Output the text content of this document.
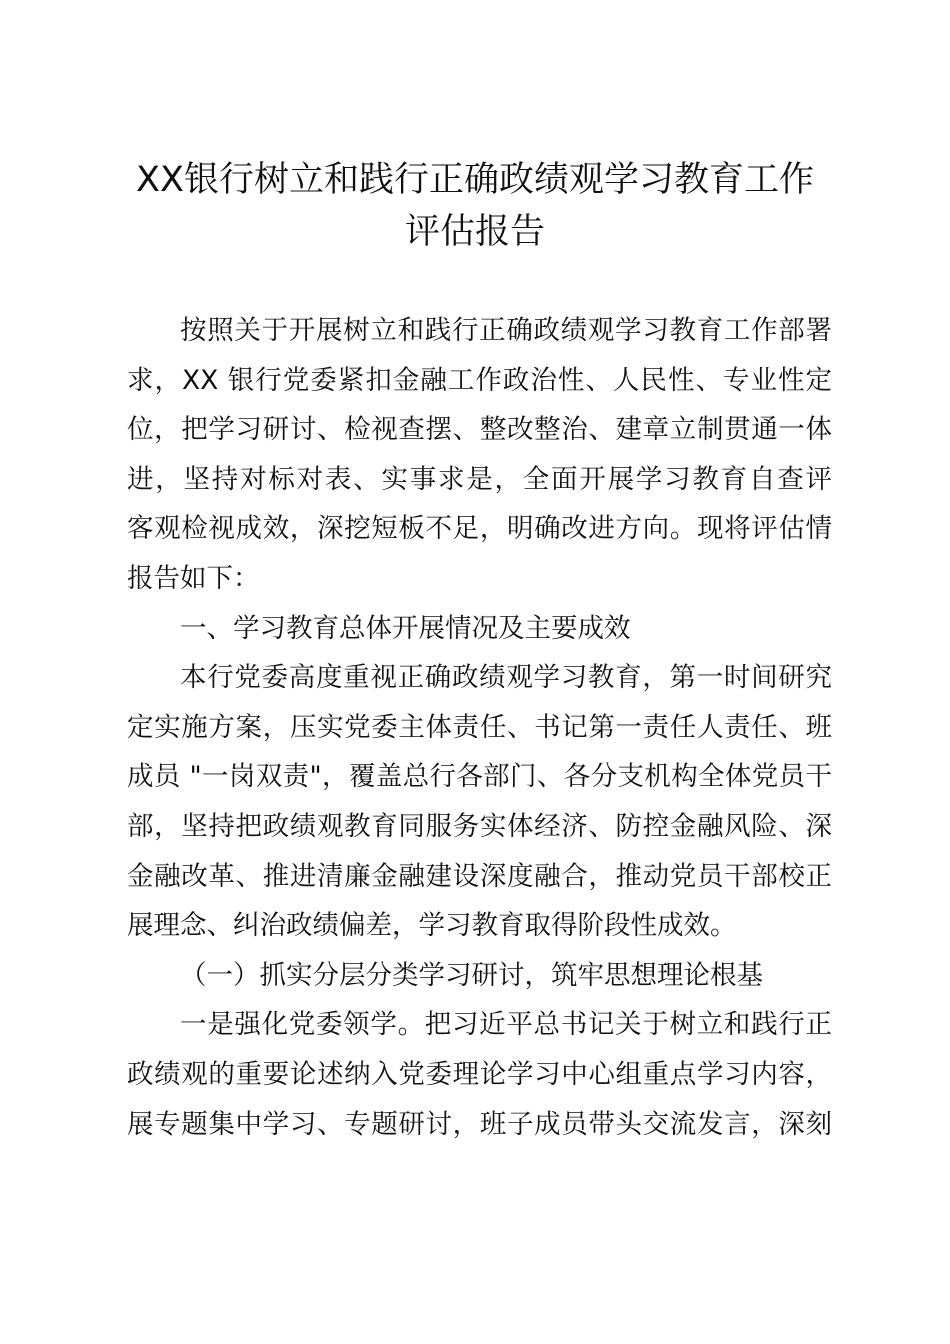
XX银行树立和践行正确政绩观学习教育工作
评估报告
按照关于开展树立和践行正确政绩观学习教育工作部署
求，XX 银行党委紧扣金融工作政治性、人民性、专业性定
位，把学习研讨、检视查摆、整改整治、建章立制贯通一体
进，坚持对标对表、实事求是，全面开展学习教育自查评
客观检视成效，深挖短板不足，明确改进方向。现将评估情
报告如下：
一、学习教育总体开展情况及主要成效
本行党委高度重视正确政绩观学习教育，第一时间研究
定实施方案，压实党委主体责任、书记第一责任人责任、班
成员 "一岗双责"，覆盖总行各部门、各分支机构全体党员干
部，坚持把政绩观教育同服务实体经济、防控金融风险、深
金融改革、推进清廉金融建设深度融合，推动党员干部校正
展理念、纠治政绩偏差，学习教育取得阶段性成效。
（一）抓实分层分类学习研讨，筑牢思想理论根基
一是强化党委领学。把习近平总书记关于树立和践行正
政绩观的重要论述纳入党委理论学习中心组重点学习内容，
展专题集中学习、专题研讨，班子成员带头交流发言，深刻
